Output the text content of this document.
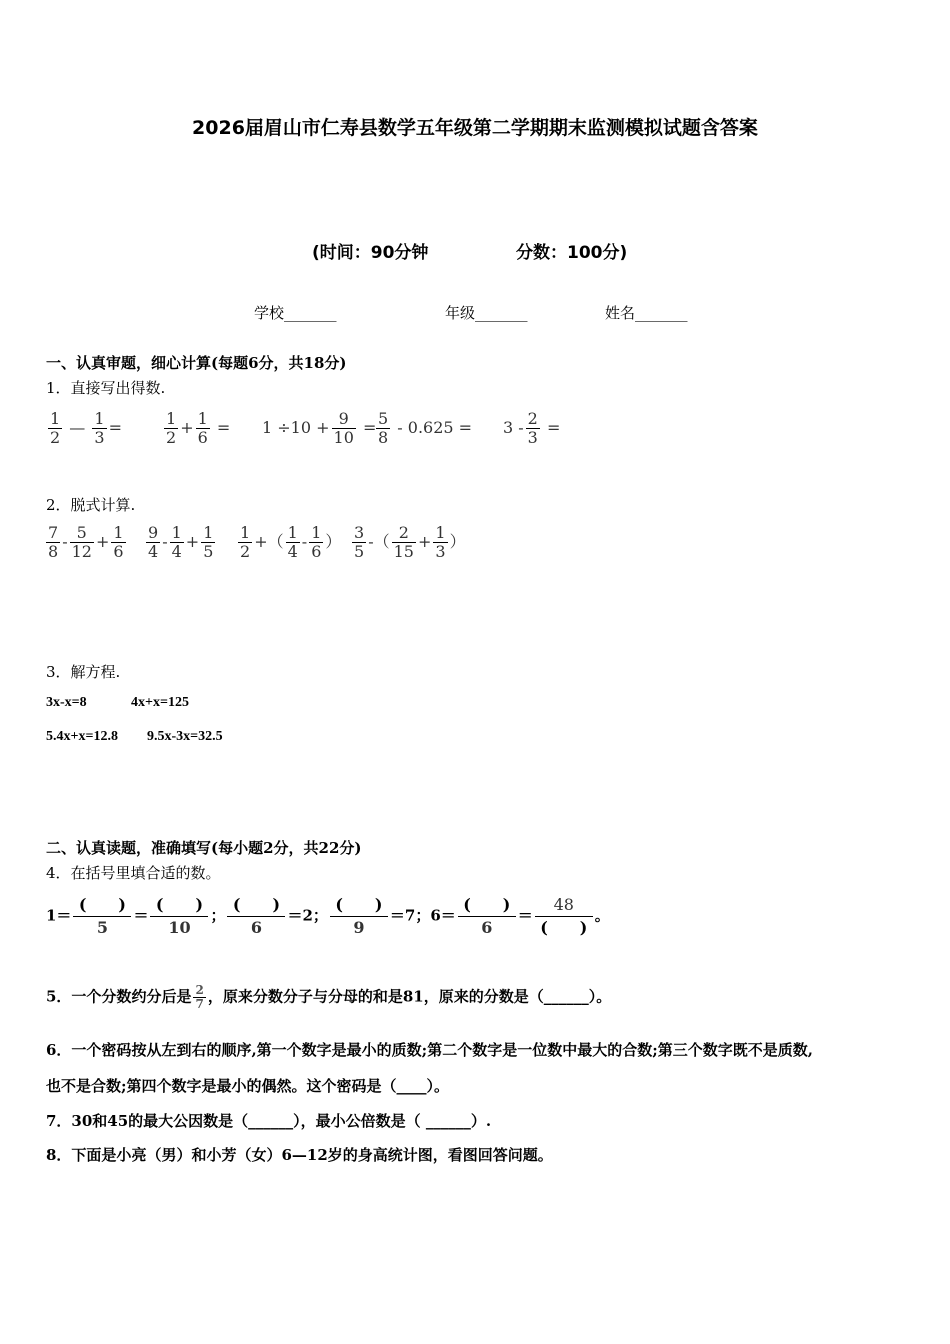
2026届眉山市仁寿县数学五年级第二学期期末监测模拟试题含答案
(时间：90分钟	分数：100分)
学校_______	年级_______	姓名_______
一、认真审题，细心计算(每题6分，共18分)
1．直接写出得数.
$\frac{1}{2}$ — $\frac{1}{3}$ =	$\frac{1}{2} + \frac{1}{6} = 1 \div 10 + \frac{9}{10} = \frac{5}{8} - 0.625 = 3 - \frac{2}{3}$ =
2．脱式计算.
$\frac{7}{8} - \frac{5}{12} + \frac{1}{6} \frac{9}{4} - \frac{1}{4} + \frac{1}{5} \frac{1}{2}$ +（ $\frac{1}{4} - \frac{1}{6}$ ） $\frac{3}{5}$ -（ $\frac{2}{15} + \frac{1}{3}$ ）
3．解方程.
3x-x=8	4x+x=125
5.4x+x=12.8 9.5x-3x=32.5
二、认真读题，准确填写(每小题2分，共22分)
4．在括号里填合适的数。
$1= \frac{( )}{5} = \frac{( )}{10}$ ； $\frac{( )}{6} =2$； $\frac{( )}{9} =7$；$6= \frac{( )}{6} = \frac{48}{( )}$ 。
5．一个分数约分后是 $\frac{2}{7}$ ，原来分数分子与分母的和是81，原来的分数是（______）。
6．一个密码按从左到右的顺序,第一个数字是最小的质数;第二个数字是一位数中最大的合数;第三个数字既不是质数,
也不是合数;第四个数字是最小的偶然。这个密码是（____）。
7．30和45的最大公因数是（______），最小公倍数是（ ______）.
8．下面是小亮（男）和小芳（女）6—12岁的身高统计图，看图回答问题。
